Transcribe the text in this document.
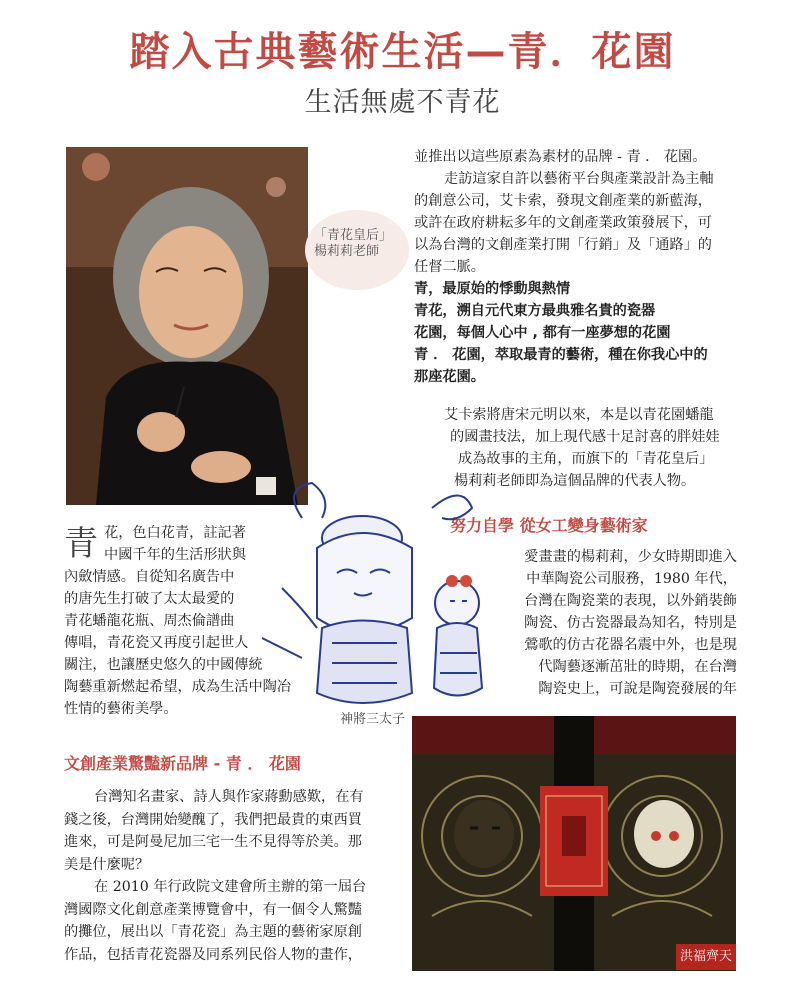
踏入古典藝術生活—青．花園
生活無處不青花
「青花皇后」
楊莉莉老師

並推出以這些原素為素材的品牌 - 青 ． 花園。

走訪這家自許以藝術平台與產業設計為主軸

的創意公司，艾卡索，發現文創產業的新藍海，

或許在政府耕耘多年的文創產業政策發展下，可

以為台灣的文創產業打開「行銷」及「通路」的

任督二脈。

青，最原始的悸動與熱情

青花，溯自元代東方最典雅名貴的瓷器

花園，每個人心中 , 都有一座夢想的花園

青 ． 花園，萃取最青的藝術，種在你我心中的

那座花園。

艾卡索將唐宋元明以來，本是以青花園蟠龍

的國畫技法，加上現代感十足討喜的胖娃娃

成為故事的主角，而旗下的「青花皇后」

楊莉莉老師即為這個品牌的代表人物。

努力自學 從女工變身藝術家
青 花，色白花青，註記著

中國千年的生活形狀與

內斂情感。自從知名廣告中

的唐先生打破了太太最愛的

青花蟠龍花瓶、周杰倫譜曲

傳唱，青花瓷又再度引起世人

關注，也讓歷史悠久的中國傳統

陶藝重新燃起希望，成為生活中陶冶

性情的藝術美學。

愛畫畫的楊莉莉，少女時期即進入

中華陶瓷公司服務，1980 年代，

台灣在陶瓷業的表現，以外銷裝飾

陶瓷、仿古瓷器最為知名，特別是

鶯歌的仿古花器名震中外，也是現

代陶藝逐漸茁壯的時期，在台灣

陶瓷史上，可說是陶瓷發展的年

神將三太子
文創產業驚豔新品牌 - 青 ． 花園

台灣知名畫家、詩人與作家蔣勳感歎，在有

錢之後，台灣開始變醜了，我們把最貴的東西買

進來，可是阿曼尼加三宅一生不見得等於美。那

美是什麼呢？

在 2010 年行政院文建會所主辦的第一屆台

灣國際文化創意產業博覽會中，有一個令人驚豔

的攤位，展出以「青花瓷」為主題的藝術家原創

作品，包括青花瓷器及同系列民俗人物的畫作，	洪福齊天
